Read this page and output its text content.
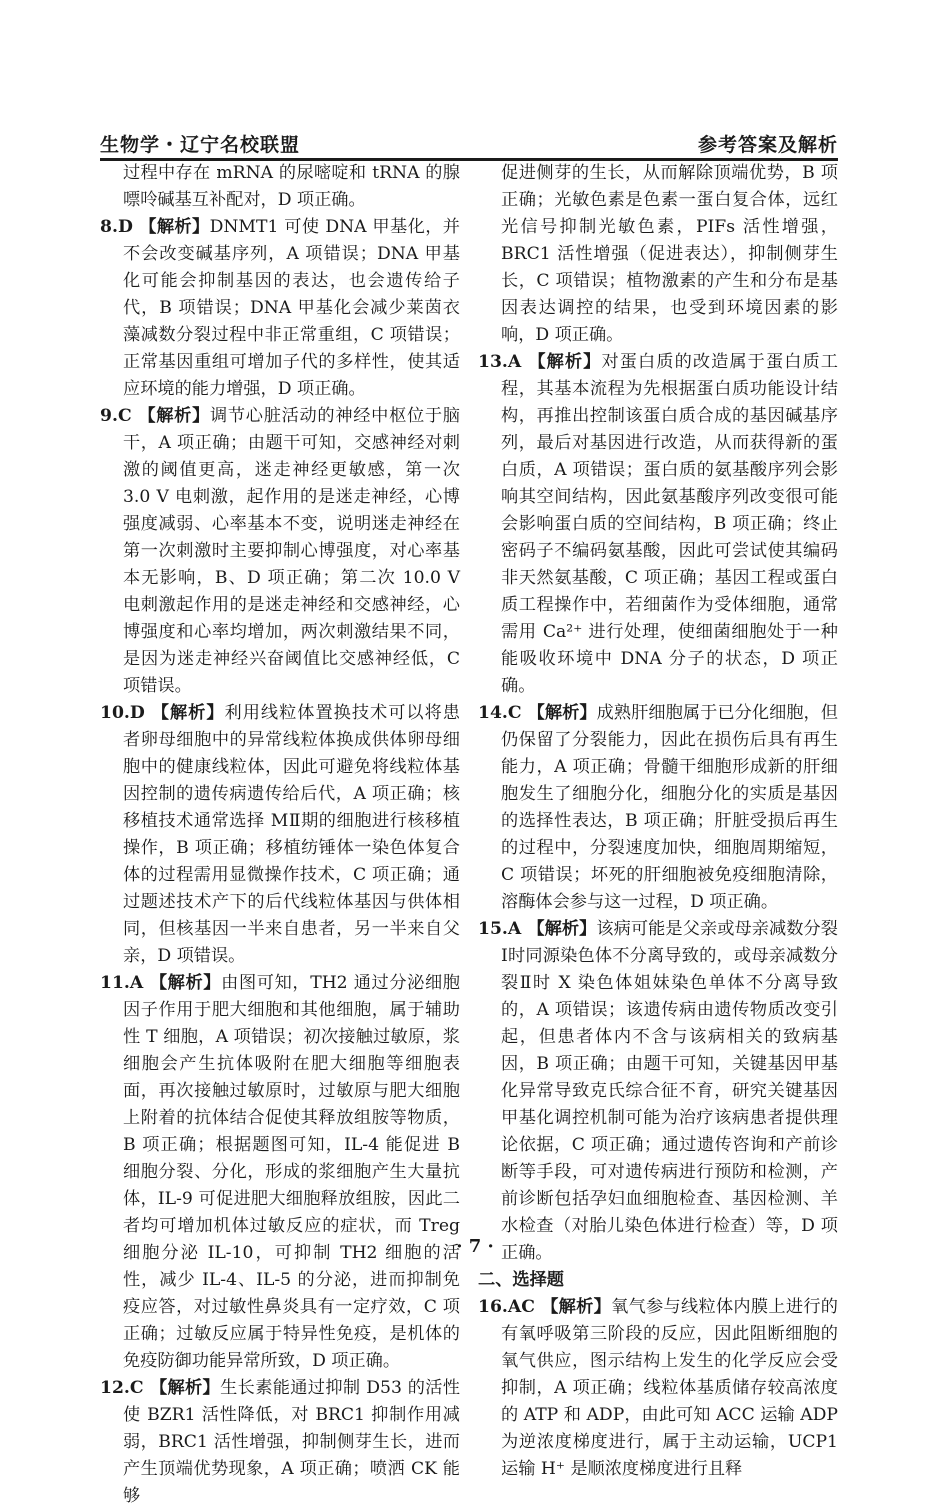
生物学・辽宁名校联盟	参考答案及解析

过程中存在 mRNA 的尿嘧啶和 tRNA 的腺嘌呤碱基互补配对，D 项正确。

8.D 【解析】DNMT1 可使 DNA 甲基化，并不会改变碱基序列，A 项错误；DNA 甲基化可能会抑制基因的表达，也会遗传给子代，B 项错误；DNA 甲基化会减少莱茵衣藻减数分裂过程中非正常重组，C 项错误；正常基因重组可增加子代的多样性，使其适应环境的能力增强，D 项正确。

9.C 【解析】调节心脏活动的神经中枢位于脑干，A 项正确；由题干可知，交感神经对刺激的阈值更高，迷走神经更敏感，第一次 3.0 V 电刺激，起作用的是迷走神经，心博强度减弱、心率基本不变，说明迷走神经在第一次刺激时主要抑制心博强度，对心率基本无影响，B、D 项正确；第二次 10.0 V 电刺激起作用的是迷走神经和交感神经，心博强度和心率均增加，两次刺激结果不同，是因为迷走神经兴奋阈值比交感神经低，C 项错误。

10.D 【解析】利用线粒体置换技术可以将患者卵母细胞中的异常线粒体换成供体卵母细胞中的健康线粒体，因此可避免将线粒体基因控制的遗传病遗传给后代，A 项正确；核移植技术通常选择 MⅡ期的细胞进行核移植操作，B 项正确；移植纺锤体一染色体复合体的过程需用显微操作技术，C 项正确；通过题述技术产下的后代线粒体基因与供体相同，但核基因一半来自患者，另一半来自父亲，D 项错误。

11.A 【解析】由图可知，TH2 通过分泌细胞因子作用于肥大细胞和其他细胞，属于辅助性 T 细胞，A 项错误；初次接触过敏原，浆细胞会产生抗体吸附在肥大细胞等细胞表面，再次接触过敏原时，过敏原与肥大细胞上附着的抗体结合促使其释放组胺等物质，B 项正确；根据题图可知，IL-4 能促进 B 细胞分裂、分化，形成的浆细胞产生大量抗体，IL-9 可促进肥大细胞释放组胺，因此二者均可增加机体过敏反应的症状，而 Treg 细胞分泌 IL-10，可抑制 TH2 细胞的活性，减少 IL-4、IL-5 的分泌，进而抑制免疫应答，对过敏性鼻炎具有一定疗效，C 项正确；过敏反应属于特异性免疫，是机体的免疫防御功能异常所致，D 项正确。

12.C 【解析】生长素能通过抑制 D53 的活性使 BZR1 活性降低，对 BRC1 抑制作用减弱，BRC1 活性增强，抑制侧芽生长，进而产生顶端优势现象，A 项正确；喷洒 CK 能够

促进侧芽的生长，从而解除顶端优势，B 项正确；光敏色素是色素一蛋白复合体，远红光信号抑制光敏色素，PIFs 活性增强，BRC1 活性增强（促进表达），抑制侧芽生长，C 项错误；植物激素的产生和分布是基因表达调控的结果，也受到环境因素的影响，D 项正确。

13.A 【解析】对蛋白质的改造属于蛋白质工程，其基本流程为先根据蛋白质功能设计结构，再推出控制该蛋白质合成的基因碱基序列，最后对基因进行改造，从而获得新的蛋白质，A 项错误；蛋白质的氨基酸序列会影响其空间结构，因此氨基酸序列改变很可能会影响蛋白质的空间结构，B 项正确；终止密码子不编码氨基酸，因此可尝试使其编码非天然氨基酸，C 项正确；基因工程或蛋白质工程操作中，若细菌作为受体细胞，通常需用 Ca²⁺ 进行处理，使细菌细胞处于一种能吸收环境中 DNA 分子的状态，D 项正确。

14.C 【解析】成熟肝细胞属于已分化细胞，但仍保留了分裂能力，因此在损伤后具有再生能力，A 项正确；骨髓干细胞形成新的肝细胞发生了细胞分化，细胞分化的实质是基因的选择性表达，B 项正确；肝脏受损后再生的过程中，分裂速度加快，细胞周期缩短，C 项错误；坏死的肝细胞被免疫细胞清除，溶酶体会参与这一过程，D 项正确。

15.A 【解析】该病可能是父亲或母亲减数分裂Ⅰ时同源染色体不分离导致的，或母亲减数分裂Ⅱ时 X 染色体姐妹染色单体不分离导致的，A 项错误；该遗传病由遗传物质改变引起，但患者体内不含与该病相关的致病基因，B 项正确；由题干可知，关键基因甲基化异常导致克氏综合征不育，研究关键基因甲基化调控机制可能为治疗该病患者提供理论依据，C 项正确；通过遗传咨询和产前诊断等手段，可对遗传病进行预防和检测，产前诊断包括孕妇血细胞检查、基因检测、羊水检查（对胎儿染色体进行检查）等，D 项正确。

二、选择题

16.AC 【解析】氧气参与线粒体内膜上进行的有氧呼吸第三阶段的反应，因此阻断细胞的氧气供应，图示结构上发生的化学反应会受抑制，A 项正确；线粒体基质储存较高浓度的 ATP 和 ADP，由此可知 ACC 运输 ADP 为逆浓度梯度进行，属于主动运输，UCP1 运输 H⁺ 是顺浓度梯度进行且释

· 7 ·
